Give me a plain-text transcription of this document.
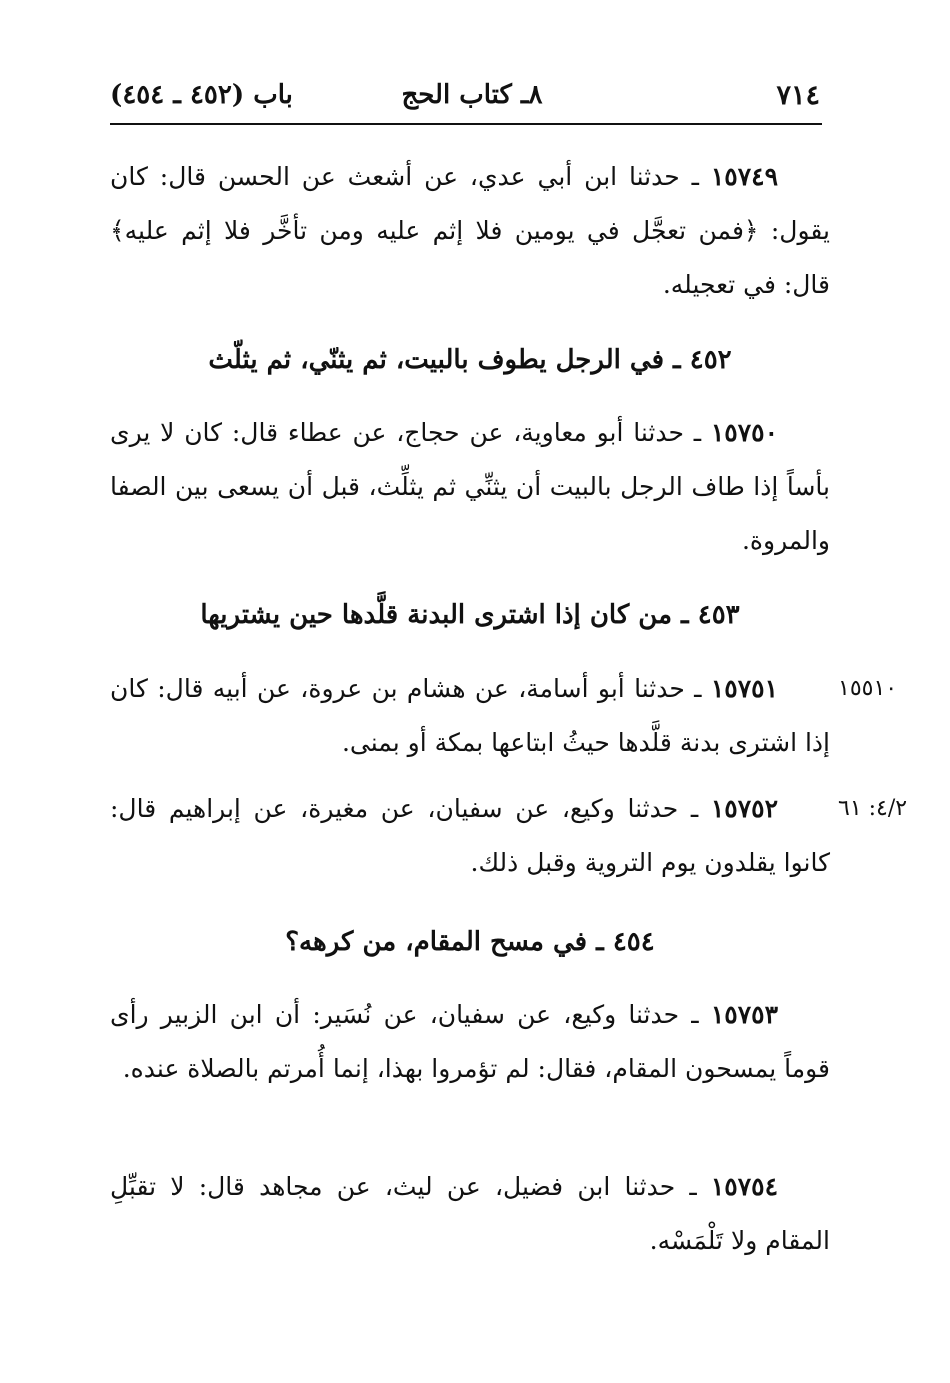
٧١٤
٨ـ كتاب الحج
باب (٤٥٢ ـ ٤٥٤)

١٥٧٤٩ ـ حدثنا ابن أبي عدي، عن أشعث عن الحسن قال: كان يقول: ﴿فمن تعجَّل في يومين فلا إثم عليه ومن تأخَّر فلا إثم عليه﴾ قال: في تعجيله.

٤٥٢ ـ في الرجل يطوف بالبيت، ثم يثنّي، ثم يثلّث

١٥٧٥٠ ـ حدثنا أبو معاوية، عن حجاج، عن عطاء قال: كان لا يرى بأساً إذا طاف الرجل بالبيت أن يثنِّي ثم يثلِّث، قبل أن يسعى بين الصفا والمروة.

٤٥٣ ـ من كان إذا اشترى البدنة قلَّدها حين يشتريها
١٥٥١٠

١٥٧٥١ ـ حدثنا أبو أسامة، عن هشام بن عروة، عن أبيه قال: كان إذا اشترى بدنة قلَّدها حيثُ ابتاعها بمكة أو بمنى.

٤/٢: ٦١

١٥٧٥٢ ـ حدثنا وكيع، عن سفيان، عن مغيرة، عن إبراهيم قال: كانوا يقلدون يوم التروية وقبل ذلك.

٤٥٤ ـ في مسح المقام، من كرهه؟

١٥٧٥٣ ـ حدثنا وكيع، عن سفيان، عن نُسَير: أن ابن الزبير رأى قوماً يمسحون المقام، فقال: لم تؤمروا بهذا، إنما أُمرتم بالصلاة عنده.

١٥٧٥٤ ـ حدثنا ابن فضيل، عن ليث، عن مجاهد قال: لا تقبِّلِ المقام ولا تَلْمَسْه.
